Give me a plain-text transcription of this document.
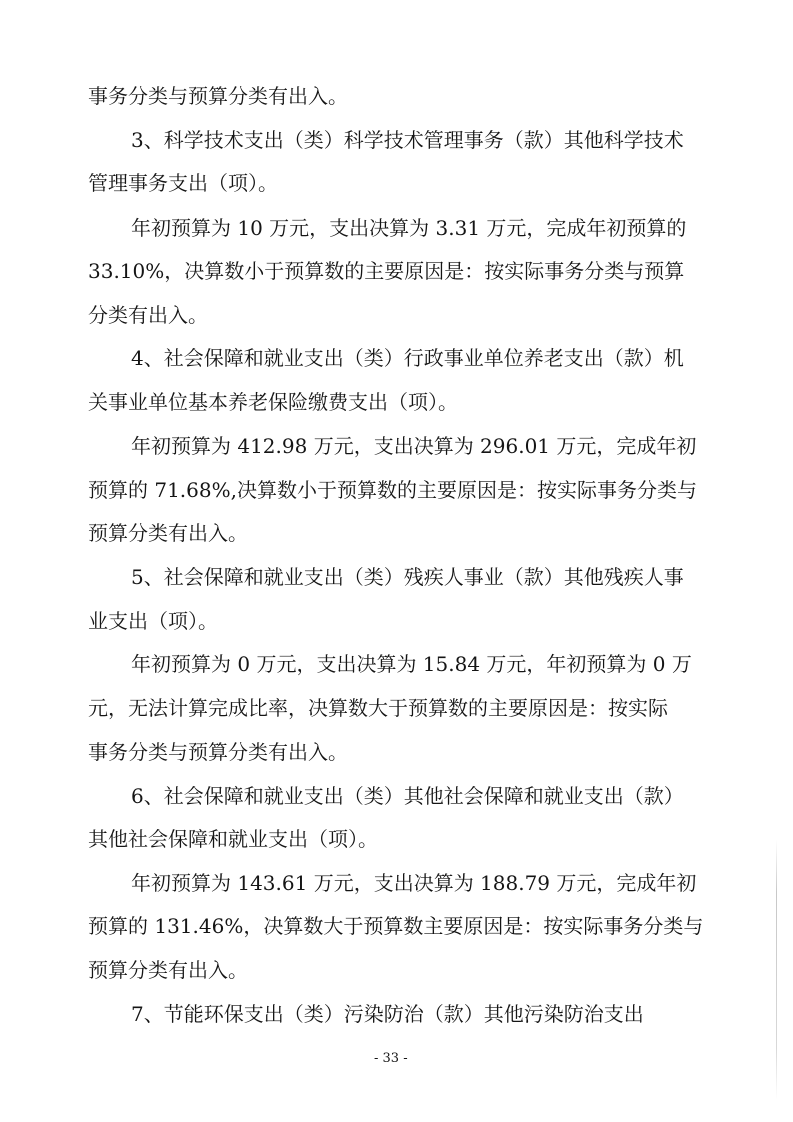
事务分类与预算分类有出入。
3、科学技术支出（类）科学技术管理事务（款）其他科学技术
管理事务支出（项）。
年初预算为 10 万元，支出决算为 3.31 万元，完成年初预算的
33.10%，决算数小于预算数的主要原因是：按实际事务分类与预算
分类有出入。
4、社会保障和就业支出（类）行政事业单位养老支出（款）机
关事业单位基本养老保险缴费支出（项）。
年初预算为 412.98 万元，支出决算为 296.01 万元，完成年初
预算的 71.68%,决算数小于预算数的主要原因是：按实际事务分类与
预算分类有出入。
5、社会保障和就业支出（类）残疾人事业（款）其他残疾人事
业支出（项）。
年初预算为 0 万元，支出决算为 15.84 万元，年初预算为 0 万
元，无法计算完成比率，决算数大于预算数的主要原因是：按实际
事务分类与预算分类有出入。
6、社会保障和就业支出（类）其他社会保障和就业支出（款）
其他社会保障和就业支出（项）。
年初预算为 143.61 万元，支出决算为 188.79 万元，完成年初
预算的 131.46%，决算数大于预算数主要原因是：按实际事务分类与
预算分类有出入。
7、节能环保支出（类）污染防治（款）其他污染防治支出
- 33 -
